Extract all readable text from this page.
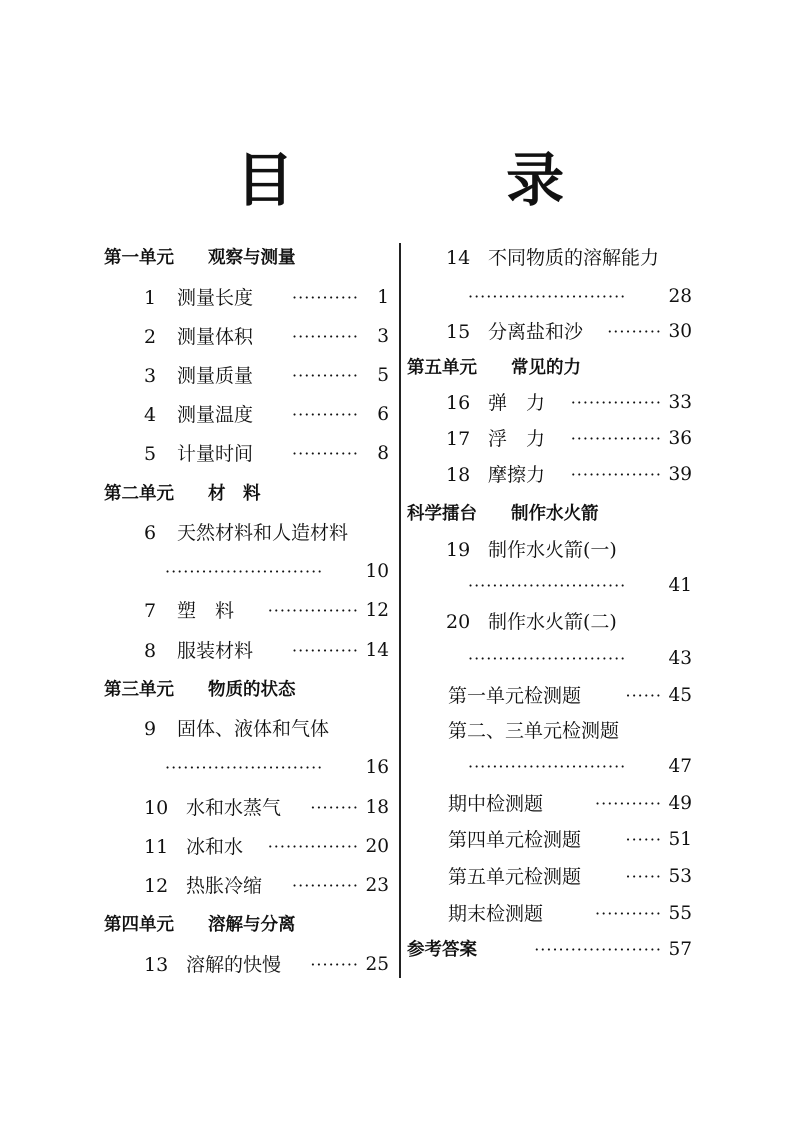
目 录
第一单元 观察与测量
1	测量长度 ··········· 1
2	测量体积 ··········· 3
3	测量质量 ··········· 5
4	测量温度 ··········· 6
5	计量时间 ··········· 8
第二单元 材　料
6	天然材料和人造材料
·························· 10
7	塑　料 ··············· 12
8	服装材料 ··········· 14
第三单元 物质的状态
9	固体、液体和气体
·························· 16
10 水和水蒸气 ········ 18
11 冰和水 ··············· 20
12 热胀冷缩 ··········· 23
第四单元 溶解与分离
13 溶解的快慢 ········ 25
14 不同物质的溶解能力
·························· 28
15 分离盐和沙 ········· 30
第五单元 常见的力
16 弹　力 ··············· 33
17 浮　力 ··············· 36
18 摩擦力 ··············· 39
科学擂台 制作水火箭
19 制作水火箭(一)
·························· 41
20 制作水火箭(二)
·························· 43
第一单元检测题	······ 45
第二、三单元检测题
·························· 47
期中检测题	··········· 49
第四单元检测题	······ 51
第五单元检测题	······ 53
期末检测题	··········· 55
参考答案	····················· 57
